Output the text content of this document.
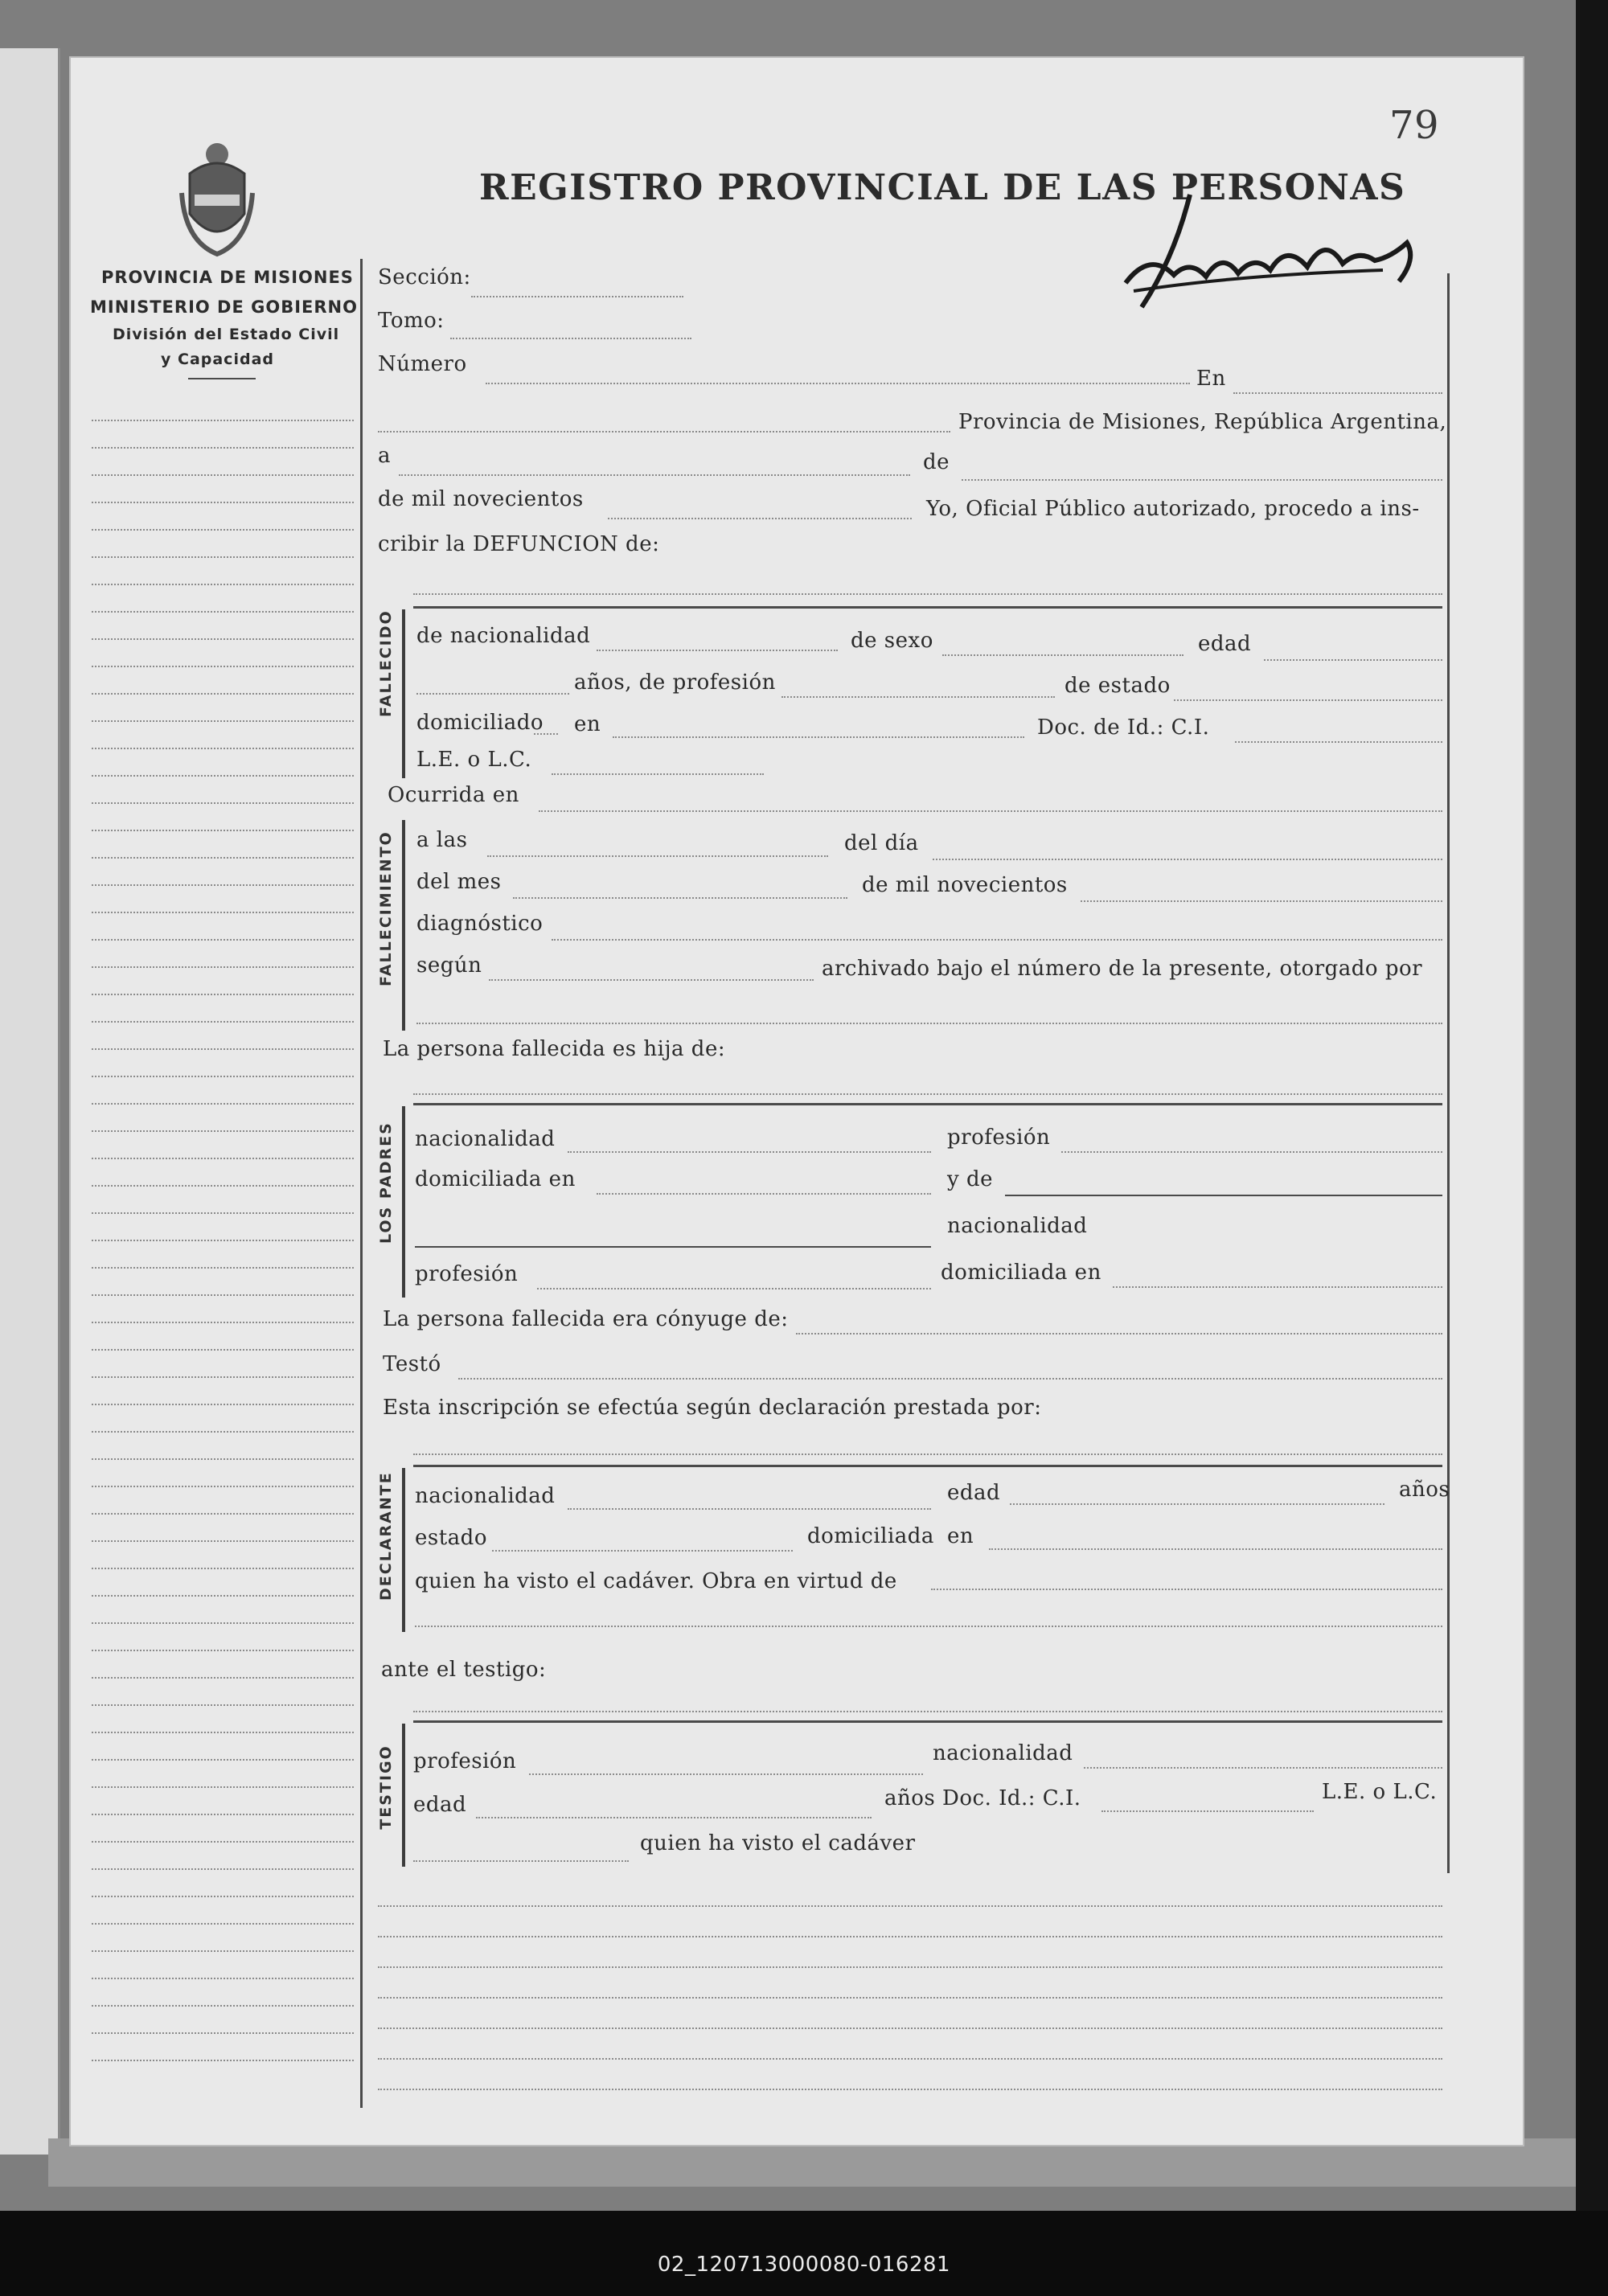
79
REGISTRO PROVINCIAL DE LAS PERSONAS
PROVINCIA DE MISIONES
MINISTERIO DE GOBIERNO
División del Estado Civil
y Capacidad
Sección:
Tomo:
Número
En
Provincia de Misiones, República Argentina,
a	de
de mil novecientos	Yo, Oficial Público autorizado, procedo a ins-
cribir la DEFUNCION de:
FALLECIDO de nacionalidad	de sexo	edad
años, de profesión	de estado
domiciliado en	Doc. de Id.: C.I.
L.E. o L.C.
Ocurrida en
FALLECIMIENTO a las	del día
del mes	de mil novecientos
diagnóstico
según	archivado bajo el número de la presente, otorgado por
La persona fallecida es hija de:
LOS PADRES nacionalidad	profesión
domiciliada en	y de
nacionalidad
profesión	domiciliada en
La persona fallecida era cónyuge de:
Testó
Esta inscripción se efectúa según declaración prestada por:
DECLARANTE nacionalidad	edad	años
estado	domiciliada en
quien ha visto el cadáver. Obra en virtud de
ante el testigo:
TESTIGO profesión	nacionalidad
edad	años Doc. Id.: C.I.	L.E. o L.C.
quien ha visto el cadáver
02_120713000080-016281
